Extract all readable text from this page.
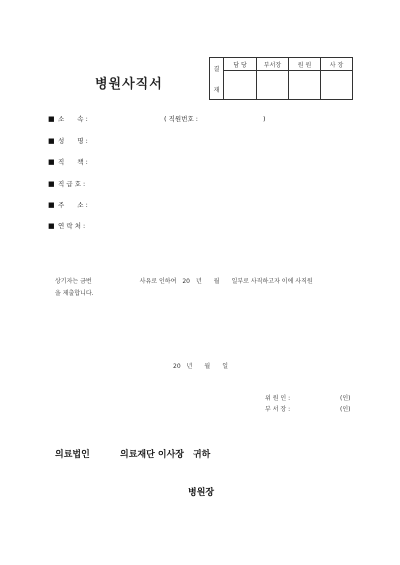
병원사직서
결
재	담 당	부서장	원 원	사 장

■ 소　　속 :	( 직원번호 :　　　　　　　　　　)
■ 성　　명 :
■ 직　　책 :
■ 직 급 호 :
■ 주　　소 :
■ 연 락 처 :
상기자는 금번　　　　　　　　사유로 인하여　20　년　　월　　일부로 사직하고자 이에 사직원
을 제출합니다.
20　년　　월　　일
위 원 인 :	(인)
부 서 장 :	(인)
의료법인	의료재단 이사장　귀하
병원장
